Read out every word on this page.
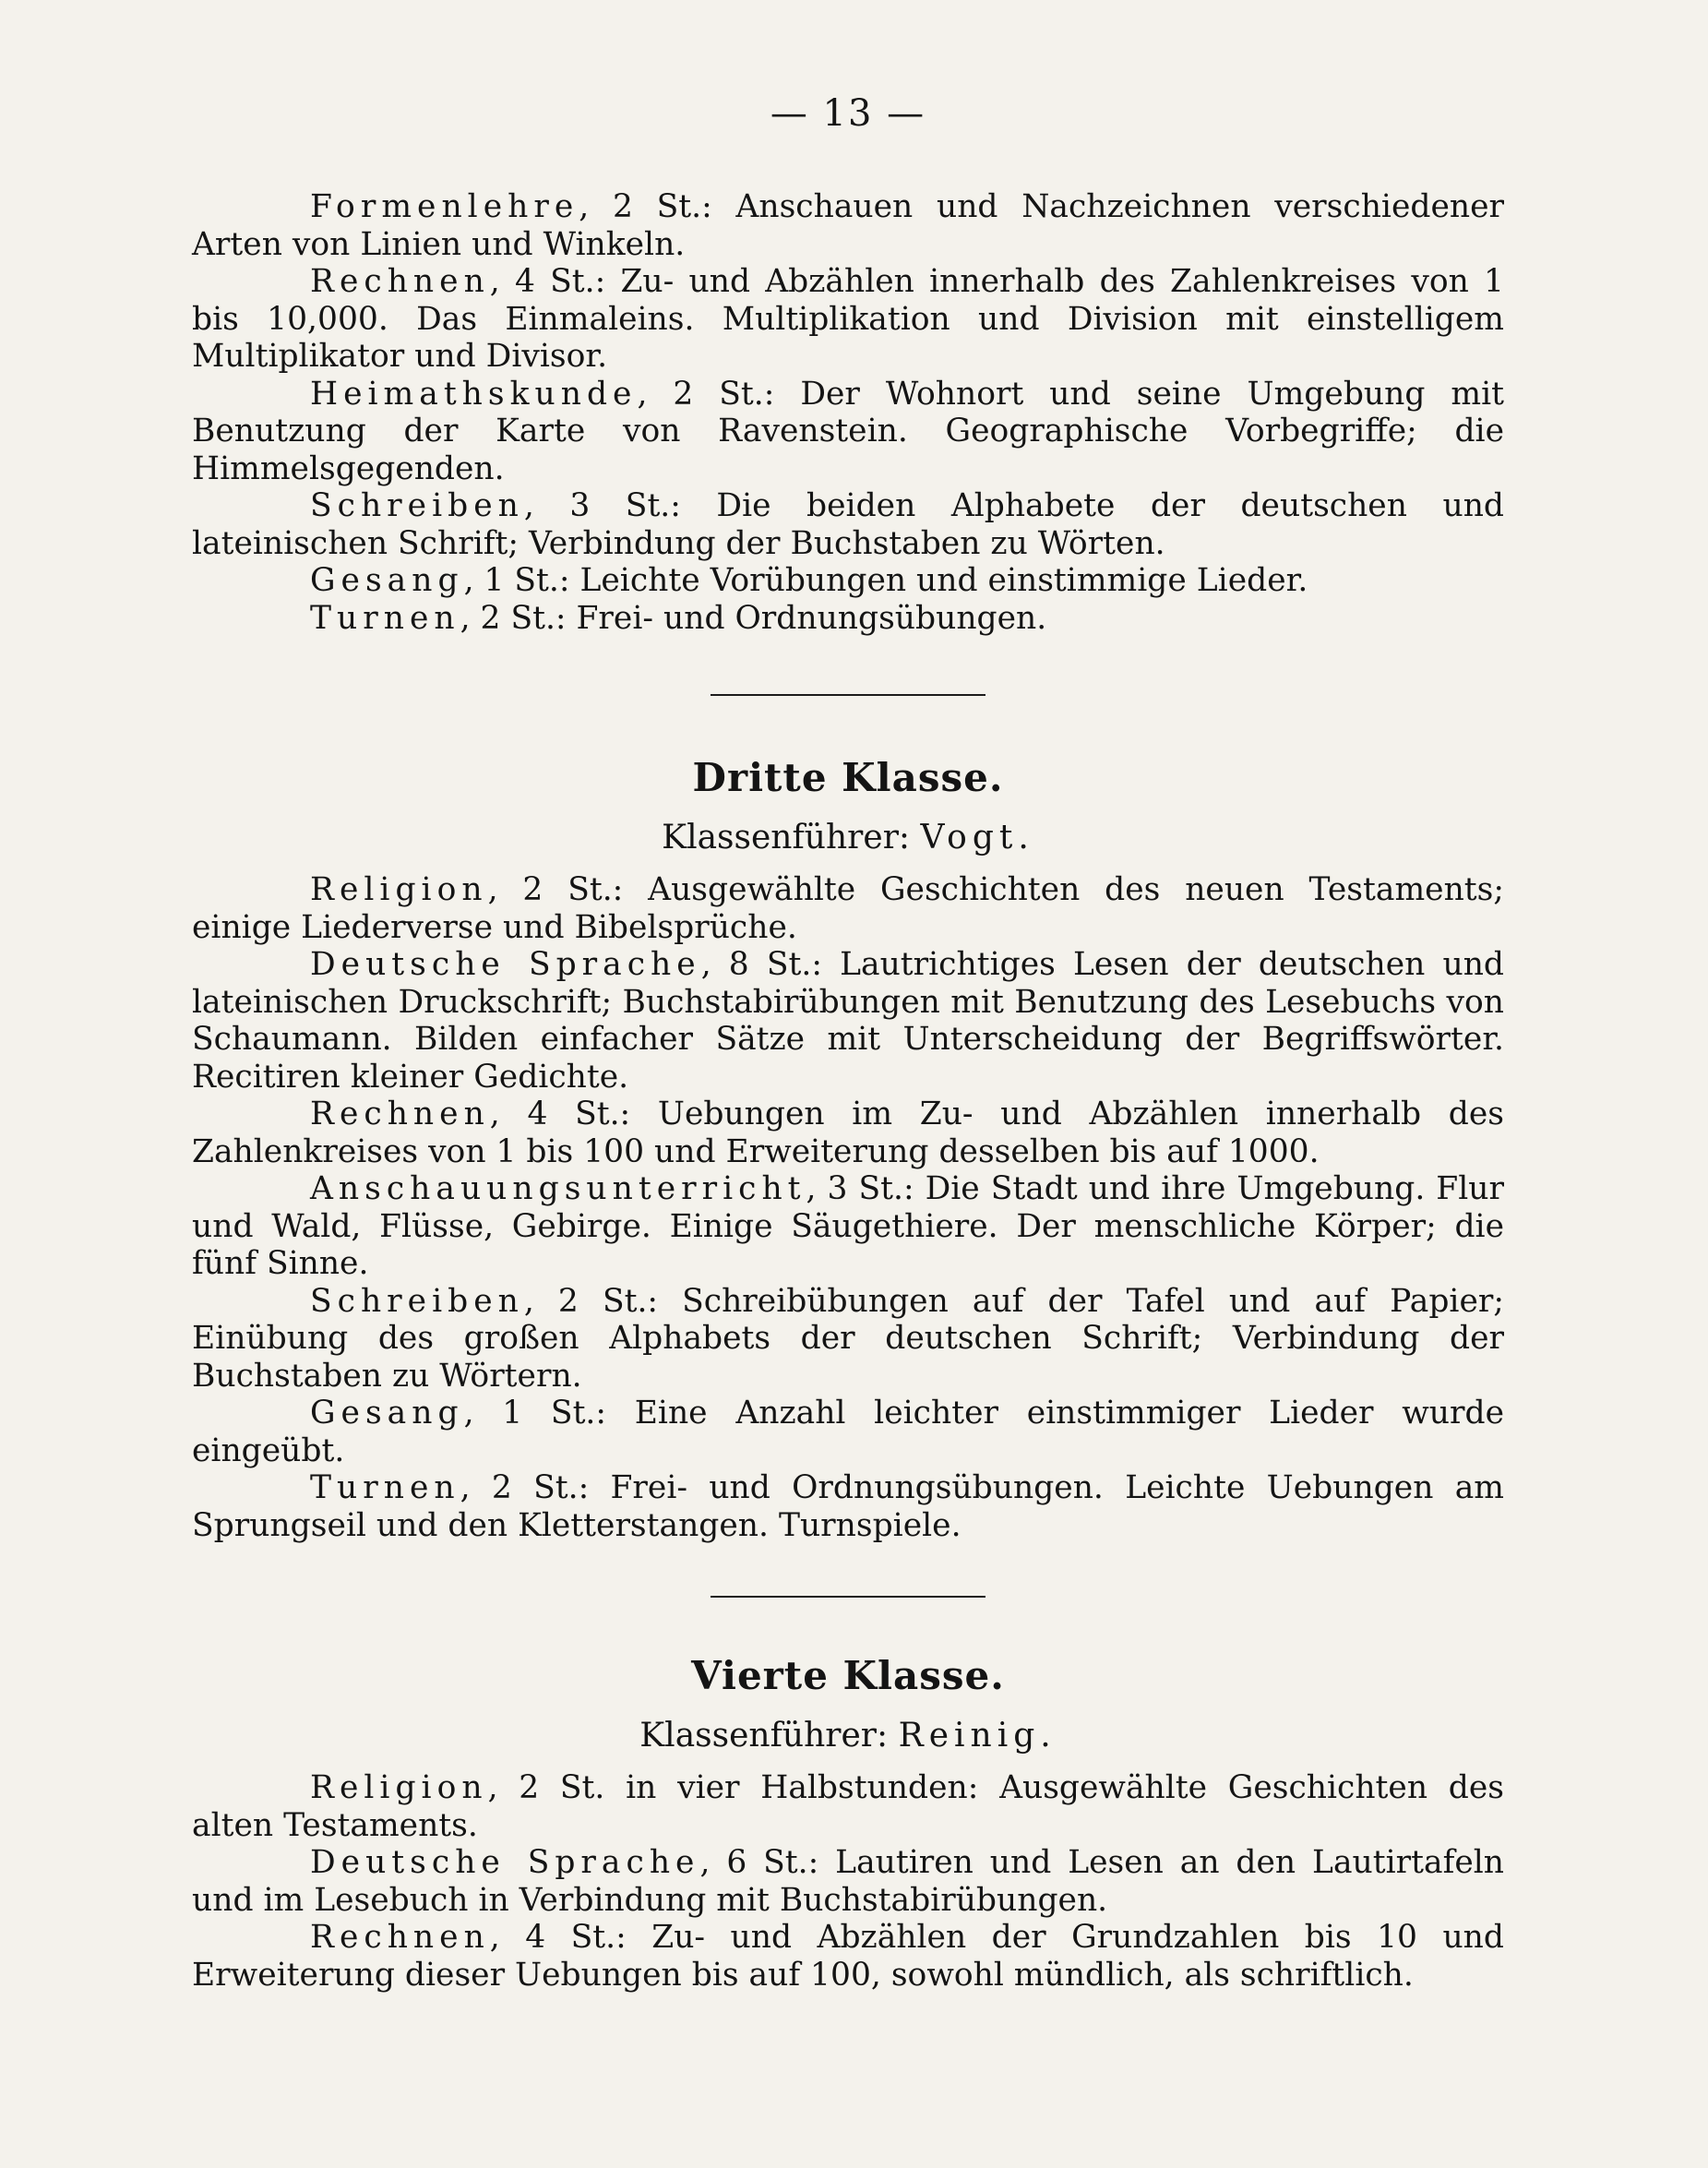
— 13 —

Formenlehre, 2 St.: Anschauen und Nachzeichnen verschiedener Arten von Linien und Winkeln.

Rechnen, 4 St.: Zu- und Abzählen innerhalb des Zahlenkreises von 1 bis 10,000. Das Einmaleins. Multiplikation und Division mit einstelligem Multiplikator und Divisor.

Heimathskunde, 2 St.: Der Wohnort und seine Umgebung mit Benutzung der Karte von Ravenstein. Geographische Vorbegriffe; die Himmelsgegenden.

Schreiben, 3 St.: Die beiden Alphabete der deutschen und lateinischen Schrift; Verbindung der Buchstaben zu Wörten.

Gesang, 1 St.: Leichte Vorübungen und einstimmige Lieder.

Turnen, 2 St.: Frei- und Ordnungsübungen.

Dritte Klasse.
Klassenführer: Vogt.

Religion, 2 St.: Ausgewählte Geschichten des neuen Testaments; einige Liederverse und Bibelsprüche.

Deutsche Sprache, 8 St.: Lautrichtiges Lesen der deutschen und lateinischen Druckschrift; Buchstabirübungen mit Benutzung des Lesebuchs von Schaumann. Bilden einfacher Sätze mit Unterscheidung der Begriffswörter. Recitiren kleiner Gedichte.

Rechnen, 4 St.: Uebungen im Zu- und Abzählen innerhalb des Zahlenkreises von 1 bis 100 und Erweiterung desselben bis auf 1000.

Anschauungsunterricht, 3 St.: Die Stadt und ihre Umgebung. Flur und Wald, Flüsse, Gebirge. Einige Säugethiere. Der menschliche Körper; die fünf Sinne.

Schreiben, 2 St.: Schreibübungen auf der Tafel und auf Papier; Einübung des großen Alphabets der deutschen Schrift; Verbindung der Buchstaben zu Wörtern.

Gesang, 1 St.: Eine Anzahl leichter einstimmiger Lieder wurde eingeübt.

Turnen, 2 St.: Frei- und Ordnungsübungen. Leichte Uebungen am Sprungseil und den Kletterstangen. Turnspiele.

Vierte Klasse.
Klassenführer: Reinig.

Religion, 2 St. in vier Halbstunden: Ausgewählte Geschichten des alten Testaments.

Deutsche Sprache, 6 St.: Lautiren und Lesen an den Lautirtafeln und im Lesebuch in Verbindung mit Buchstabirübungen.

Rechnen, 4 St.: Zu- und Abzählen der Grundzahlen bis 10 und Erweiterung dieser Uebungen bis auf 100, sowohl mündlich, als schriftlich.
